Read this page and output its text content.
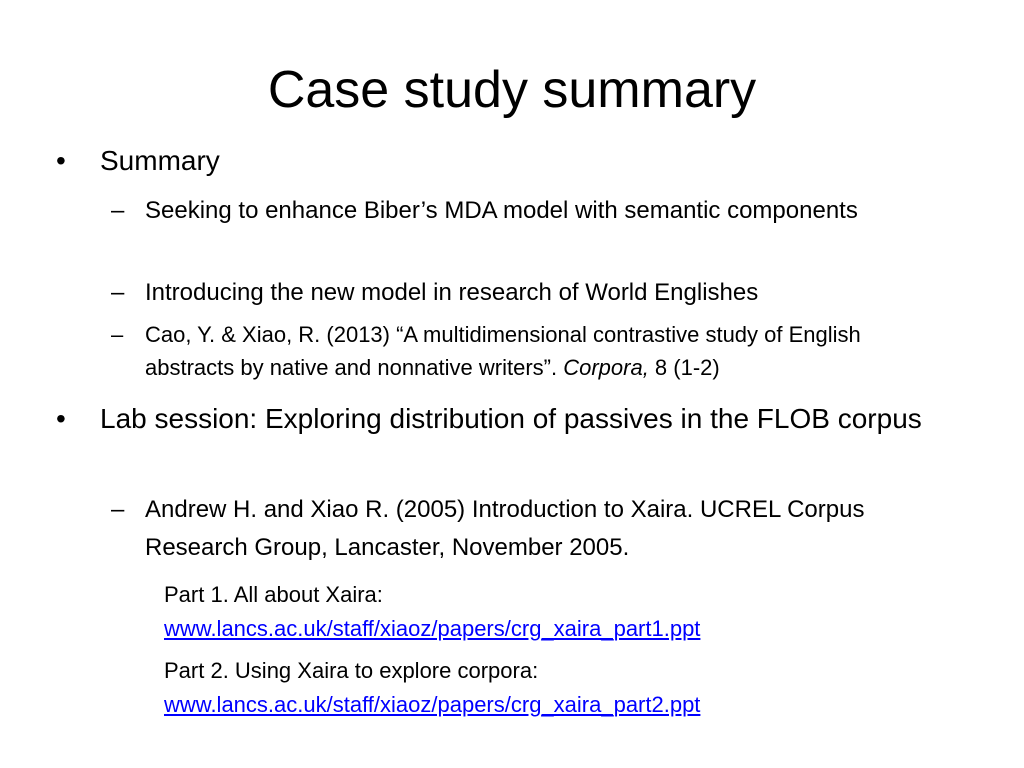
Case study summary
• Summary
– Seeking to enhance Biber’s MDA model with semantic components
– Introducing the new model in research of World Englishes
– Cao, Y. & Xiao, R. (2013) “A multidimensional contrastive study of English abstracts by native and nonnative writers”. Corpora, 8 (1-2)
• Lab session: Exploring distribution of passives in the FLOB corpus
– Andrew H. and Xiao R. (2005) Introduction to Xaira. UCREL Corpus Research Group, Lancaster, November 2005.
Part 1. All about Xaira:
www.lancs.ac.uk/staff/xiaoz/papers/crg_xaira_part1.ppt
Part 2. Using Xaira to explore corpora:
www.lancs.ac.uk/staff/xiaoz/papers/crg_xaira_part2.ppt
